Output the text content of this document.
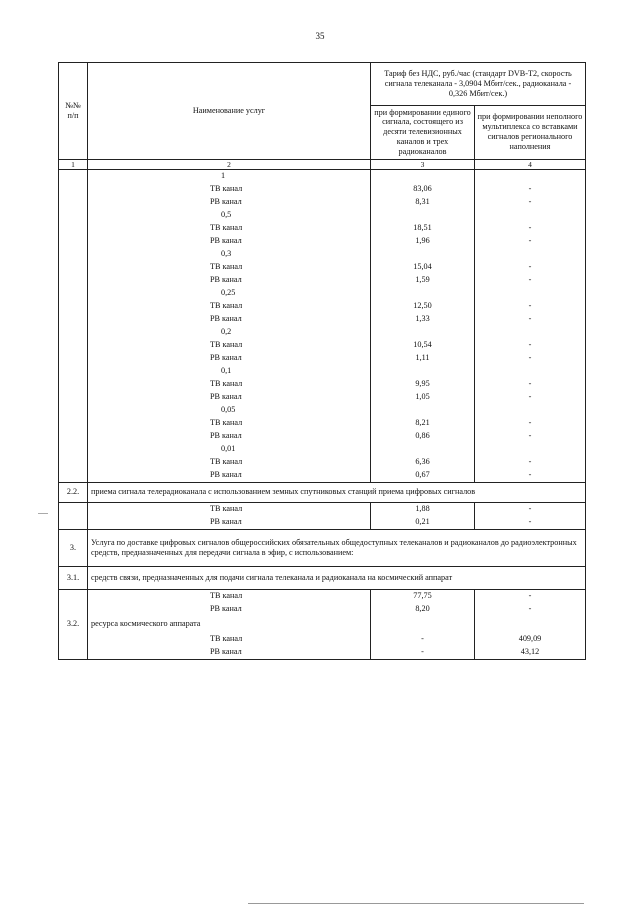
35
№№ п/п	Наименование услуг	Тариф без НДС, руб./час (стандарт DVB-T2, скорость сигнала телеканала - 3,0904 Мбит/сек., радиоканала - 0,326 Мбит/сек.)	
		при формировании единого сигнала, состоящего из десяти телевизионных каналов и трех радиоканалов	при формировании неполного мультиплекса со вставками сигналов регионального наполнения
1	2	3	4
	1		
	ТВ канал	83,06	-
	РВ канал	8,31	-
	0,5		
	ТВ канал	18,51	-
	РВ канал	1,96	-
	0,3		
	ТВ канал	15,04	-
	РВ канал	1,59	-
	0,25		
	ТВ канал	12,50	-
	РВ канал	1,33	-
	0,2		
	ТВ канал	10,54	-
	РВ канал	1,11	-
	0,1		
	ТВ канал	9,95	-
	РВ канал	1,05	-
	0,05		
	ТВ канал	8,21	-
	РВ канал	0,86	-
	0,01		
	ТВ канал	6,36	-
	РВ канал	0,67	-
2.2.	приема сигнала телерадиоканала с использованием земных спутниковых станций приема цифровых сигналов		
	ТВ канал	1,88	-
	РВ канал	0,21	-
3.	Услуга по доставке цифровых сигналов общероссийских обязательных общедоступных телеканалов и радиоканалов до радиоэлектронных средств, предназначенных для передачи сигнала в эфир, с использованием:		
3.1.	средств связи, предназначенных для подачи сигнала телеканала и радиоканала на космический аппарат		
	ТВ канал	77,75	-
	РВ канал	8,20	-
3.2.	ресурса космического аппарата		
	ТВ канал	-	409,09
	РВ канал	-	43,12
